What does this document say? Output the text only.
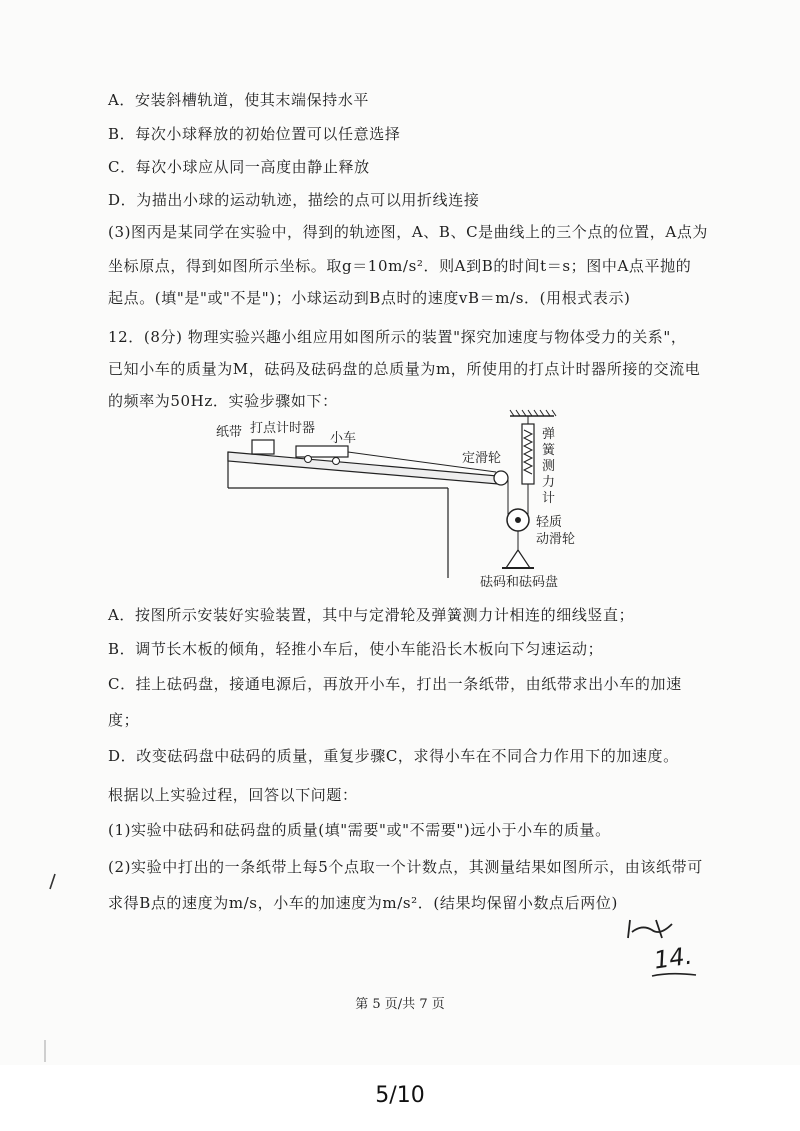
A．安装斜槽轨道，使其末端保持水平
B．每次小球释放的初始位置可以任意选择
C．每次小球应从同一高度由静止释放
D．为描出小球的运动轨迹，描绘的点可以用折线连接
(3)图丙是某同学在实验中，得到的轨迹图，A、B、C是曲线上的三个点的位置，A点为
坐标原点，得到如图所示坐标。取g＝10m/s²．则A到B的时间t＝s；图中A点平抛的
起点。(填"是"或"不是")；小球运动到B点时的速度vB＝m/s．(用根式表示)
12．(8分) 物理实验兴趣小组应用如图所示的装置"探究加速度与物体受力的关系"，
已知小车的质量为M，砝码及砝码盘的总质量为m，所使用的打点计时器所接的交流电
的频率为50Hz．实验步骤如下：
纸带 打点计时器
小车
定滑轮
弹
簧
测
力
计
轻质
动滑轮
砝码和砝码盘
A．按图所示安装好实验装置，其中与定滑轮及弹簧测力计相连的细线竖直；
B．调节长木板的倾角，轻推小车后，使小车能沿长木板向下匀速运动；
C．挂上砝码盘，接通电源后，再放开小车，打出一条纸带，由纸带求出小车的加速
度；
D．改变砝码盘中砝码的质量，重复步骤C，求得小车在不同合力作用下的加速度。
根据以上实验过程，回答以下问题：
(1)实验中砝码和砝码盘的质量(填"需要"或"不需要")远小于小车的质量。
(2)实验中打出的一条纸带上每5个点取一个计数点，其测量结果如图所示，由该纸带可
求得B点的速度为m/s，小车的加速度为m/s²．(结果均保留小数点后两位)
14.
第 5 页/共 7 页
5/10
